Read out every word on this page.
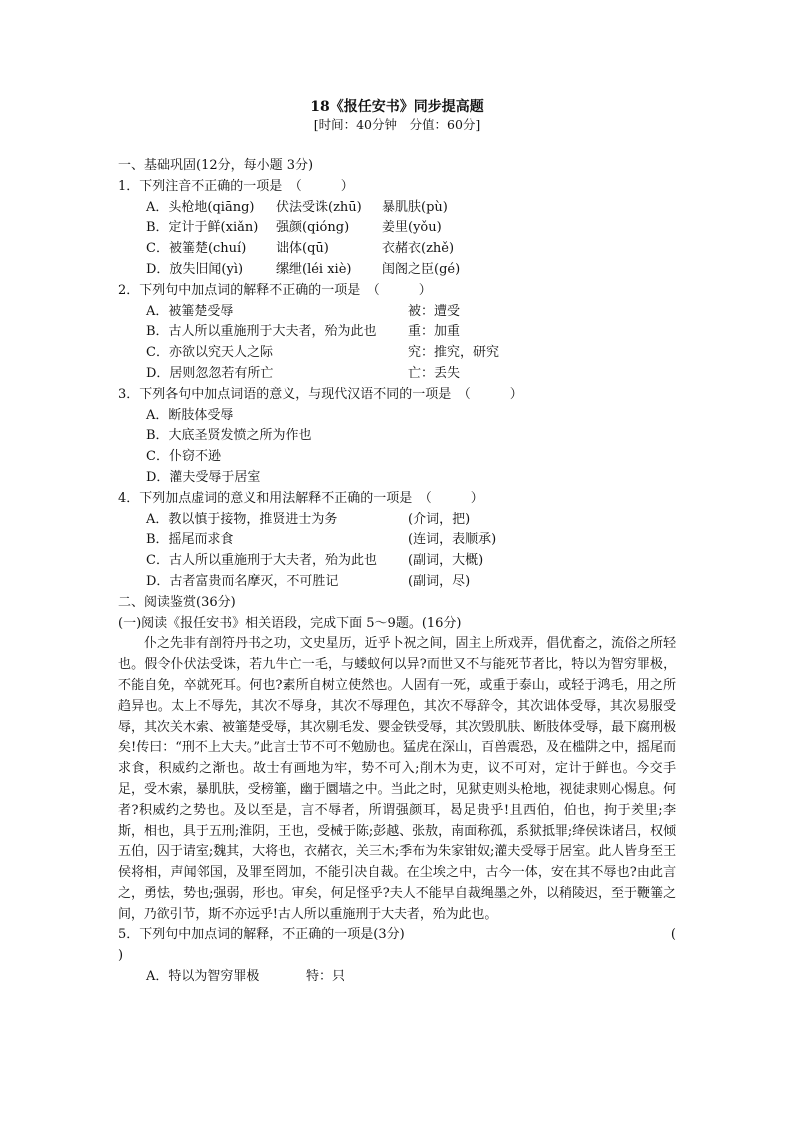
18《报任安书》同步提高题

[时间：40分钟　分值：60分]

一、基础巩固(12分，每小题 3分)

1．下列注音不正确的一项是　（　　　）

A．头枪地(qiāng) 伏法受诛(zhū) 暴肌肤(pù)

B．定计于鲜(xiǎn) 强颜(qióng)	姜里(yǒu)

C．被箠楚(chuí) 诎体(qū)	衣赭衣(zhě)

D．放失旧闻(yì)	缧绁(léi xiè) 闺阁之臣(gé)

2．下列句中加点词的解释不正确的一项是　（　　　）

A．被箠楚受辱	被：遭受
B．古人所以重施刑于大夫者，殆为此也	重：加重
C．亦欲以究天人之际	究：推究，研究
D．居则忽忽若有所亡	亡：丢失

3．下列各句中加点词语的意义，与现代汉语不同的一项是　（　　　）

A．断肢体受辱

B．大底圣贤发愤之所为作也

C．仆窃不逊

D．灌夫受辱于居室

4．下列加点虚词的意义和用法解释不正确的一项是　（　　　）

A．教以慎于接物，推贤进士为务	(介词，把)
B．摇尾而求食	(连词，表顺承)
C．古人所以重施刑于大夫者，殆为此也	(副词，大概)
D．古者富贵而名摩灭，不可胜记	(副词，尽)

二、阅读鉴赏(36分)

(一)阅读《报任安书》相关语段，完成下面 5～9题。(16分)

仆之先非有剖符丹书之功，文史星历，近乎卜祝之间，固主上所戏弄，倡优畜之，流俗之所轻也。假令仆伏法受诛，若九牛亡一毛，与蝼蚁何以异?而世又不与能死节者比，特以为智穷罪极，不能自免，卒就死耳。何也?素所自树立使然也。人固有一死，或重于泰山，或轻于鸿毛，用之所趋异也。太上不辱先，其次不辱身，其次不辱理色，其次不辱辞令，其次诎体受辱，其次易服受辱，其次关木索、被箠楚受辱，其次剔毛发、婴金铁受辱，其次毁肌肤、断肢体受辱，最下腐刑极矣!传曰：“刑不上大夫。”此言士节不可不勉励也。猛虎在深山，百兽震恐，及在槛阱之中，摇尾而求食，积威约之渐也。故士有画地为牢，势不可入;削木为吏，议不可对，定计于鲜也。今交手足，受木索，暴肌肤，受榜箠，幽于圜墙之中。当此之时，见狱吏则头枪地，视徒隶则心惕息。何者?积威约之势也。及以至是，言不辱者，所谓强颜耳，曷足贵乎!且西伯，伯也，拘于羑里;李斯，相也，具于五刑;淮阴，王也，受械于陈;彭越、张敖，南面称孤，系狱抵罪;绛侯诛诸吕，权倾五伯，囚于请室;魏其，大将也，衣赭衣，关三木;季布为朱家钳奴;灌夫受辱于居室。此人皆身至王侯将相，声闻邻国，及罪至罔加，不能引决自裁。在尘埃之中，古今一体，安在其不辱也?由此言之，勇怯，势也;强弱，形也。审矣，何足怪乎?夫人不能早自裁绳墨之外，以稍陵迟，至于鞭箠之间，乃欲引节，斯不亦远乎!古人所以重施刑于大夫者，殆为此也。

5．下列句中加点词的解释，不正确的一项是(3分)	(

)

A．特以为智穷罪极	特：只
